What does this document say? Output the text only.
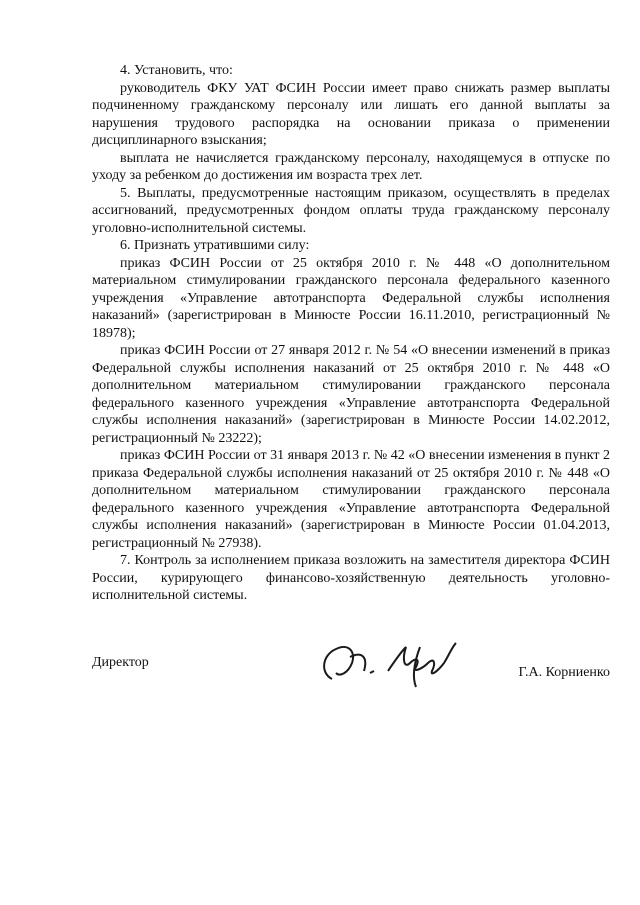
4. Установить, что:

руководитель ФКУ УАТ ФСИН России имеет право снижать размер выплаты подчиненному гражданскому персоналу или лишать его данной выплаты за нарушения трудового распорядка на основании приказа о применении дисциплинарного взыскания;

выплата не начисляется гражданскому персоналу, находящемуся в отпуске по уходу за ребенком до достижения им возраста трех лет.

5. Выплаты, предусмотренные настоящим приказом, осуществлять в пределах ассигнований, предусмотренных фондом оплаты труда гражданскому персоналу уголовно-исполнительной системы.

6. Признать утратившими силу:

приказ ФСИН России от 25 октября 2010 г. № 448 «О дополнительном материальном стимулировании гражданского персонала федерального казенного учреждения «Управление автотранспорта Федеральной службы исполнения наказаний» (зарегистрирован в Минюсте России 16.11.2010, регистрационный № 18978);

приказ ФСИН России от 27 января 2012 г. № 54 «О внесении изменений в приказ Федеральной службы исполнения наказаний от 25 октября 2010 г. № 448 «О дополнительном материальном стимулировании гражданского персонала федерального казенного учреждения «Управление автотранспорта Федеральной службы исполнения наказаний» (зарегистрирован в Минюсте России 14.02.2012, регистрационный № 23222);

приказ ФСИН России от 31 января 2013 г. № 42 «О внесении изменения в пункт 2 приказа Федеральной службы исполнения наказаний от 25 октября 2010 г. № 448 «О дополнительном материальном стимулировании гражданского персонала федерального казенного учреждения «Управление автотранспорта Федеральной службы исполнения наказаний» (зарегистрирован в Минюсте России 01.04.2013, регистрационный № 27938).

7. Контроль за исполнением приказа возложить на заместителя директора ФСИН России, курирующего финансово-хозяйственную деятельность уголовно-исполнительной системы.

Директор
Г.А. Корниенко
